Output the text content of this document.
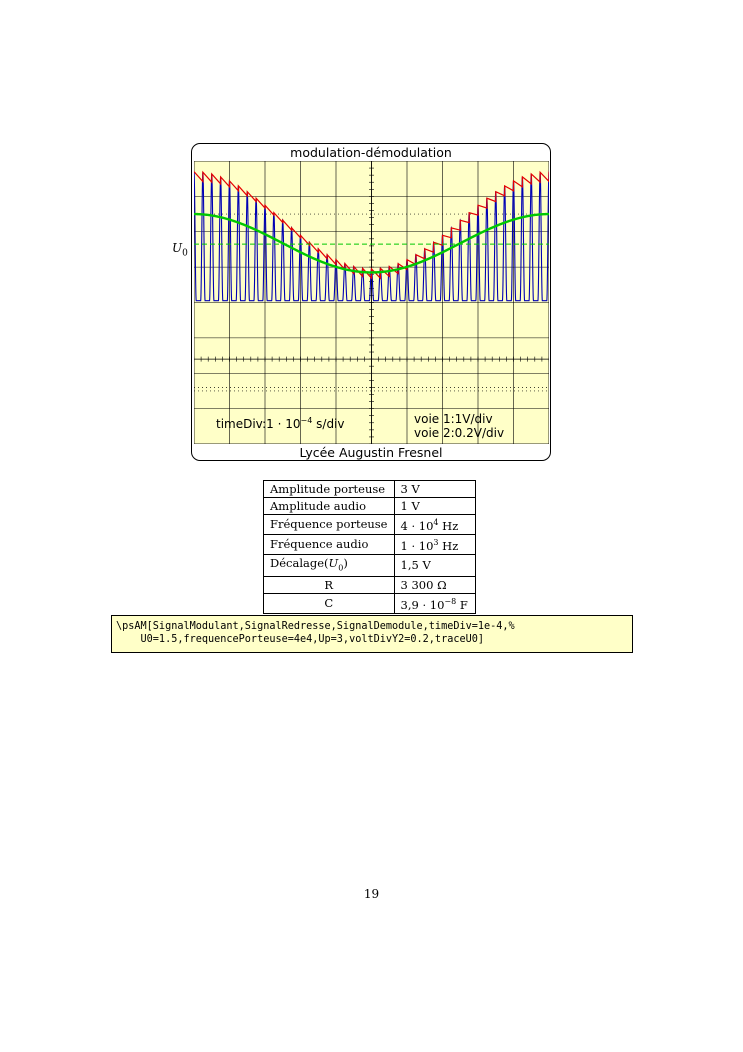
modulation-démodulation
$U_0$
timeDiv:1 · $10^{-4}$ s/div	voie 1:1V/div
voie 2:0.2V/div
Lycée Augustin Fresnel
Amplitude porteuse	3 V
Amplitude audio	1 V
Fréquence porteuse	$4 \cdot 10^4$ Hz
Fréquence audio	$1 \cdot 10^3$ Hz
$Décalage(U_0)$	1,5 V
R	3 300 Ω
C	$3,9 \cdot 10^{-8}$ F
\psAM[SignalModulant,SignalRedresse,SignalDemodule,timeDiv=1e-4,%
U0=1.5,frequencePorteuse=4e4,Up=3,voltDivY2=0.2,traceU0]
19
